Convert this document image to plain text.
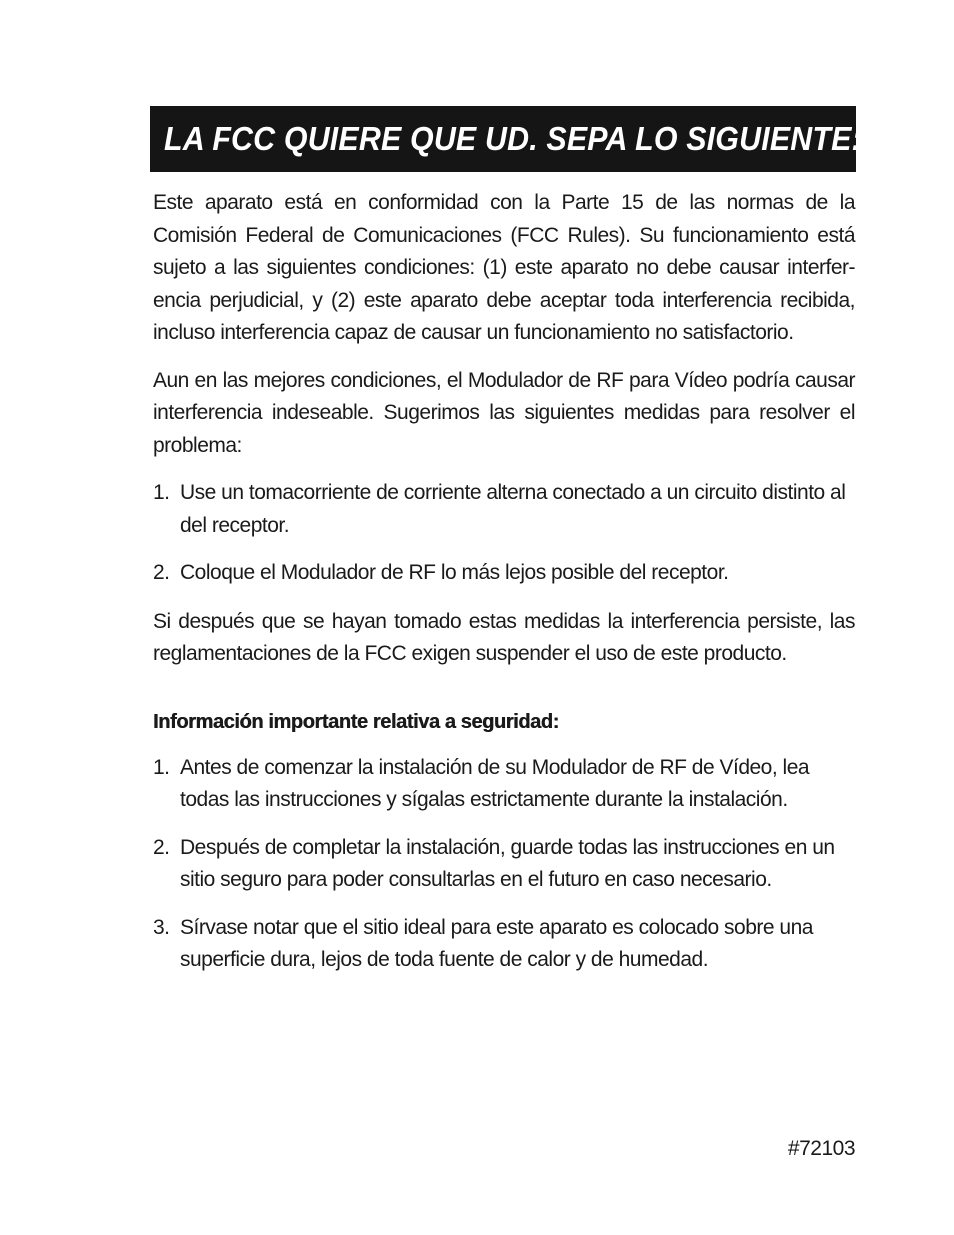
LA FCC QUIERE QUE UD. SEPA LO SIGUIENTE:

Este aparato está en conformidad con la Parte 15 de las normas de la Comisión Federal de Comunicaciones (FCC Rules). Su funcionamiento está sujeto a las siguientes condiciones: (1) este aparato no debe causar interfer-encia perjudicial, y (2) este aparato debe aceptar toda interferencia recibida, incluso interferencia capaz de causar un funcionamiento no satisfactorio.

Aun en las mejores condiciones, el Modulador de RF para Vídeo podría causar interferencia indeseable. Sugerimos las siguientes medidas para resolver el problema:

1. Use un tomacorriente de corriente alterna conectado a un circuito distinto al del receptor.
2. Coloque el Modulador de RF lo más lejos posible del receptor.

Si después que se hayan tomado estas medidas la interferencia persiste, las reglamentaciones de la FCC exigen suspender el uso de este producto.

Información importante relativa a seguridad:
1. Antes de comenzar la instalación de su Modulador de RF de Vídeo, lea todas las instrucciones y sígalas estrictamente durante la instalación.
2. Después de completar la instalación, guarde todas las instrucciones en un sitio seguro para poder consultarlas en el futuro en caso necesario.
3. Sírvase notar que el sitio ideal para este aparato es colocado sobre una superficie dura, lejos de toda fuente de calor y de humedad.
#72103
